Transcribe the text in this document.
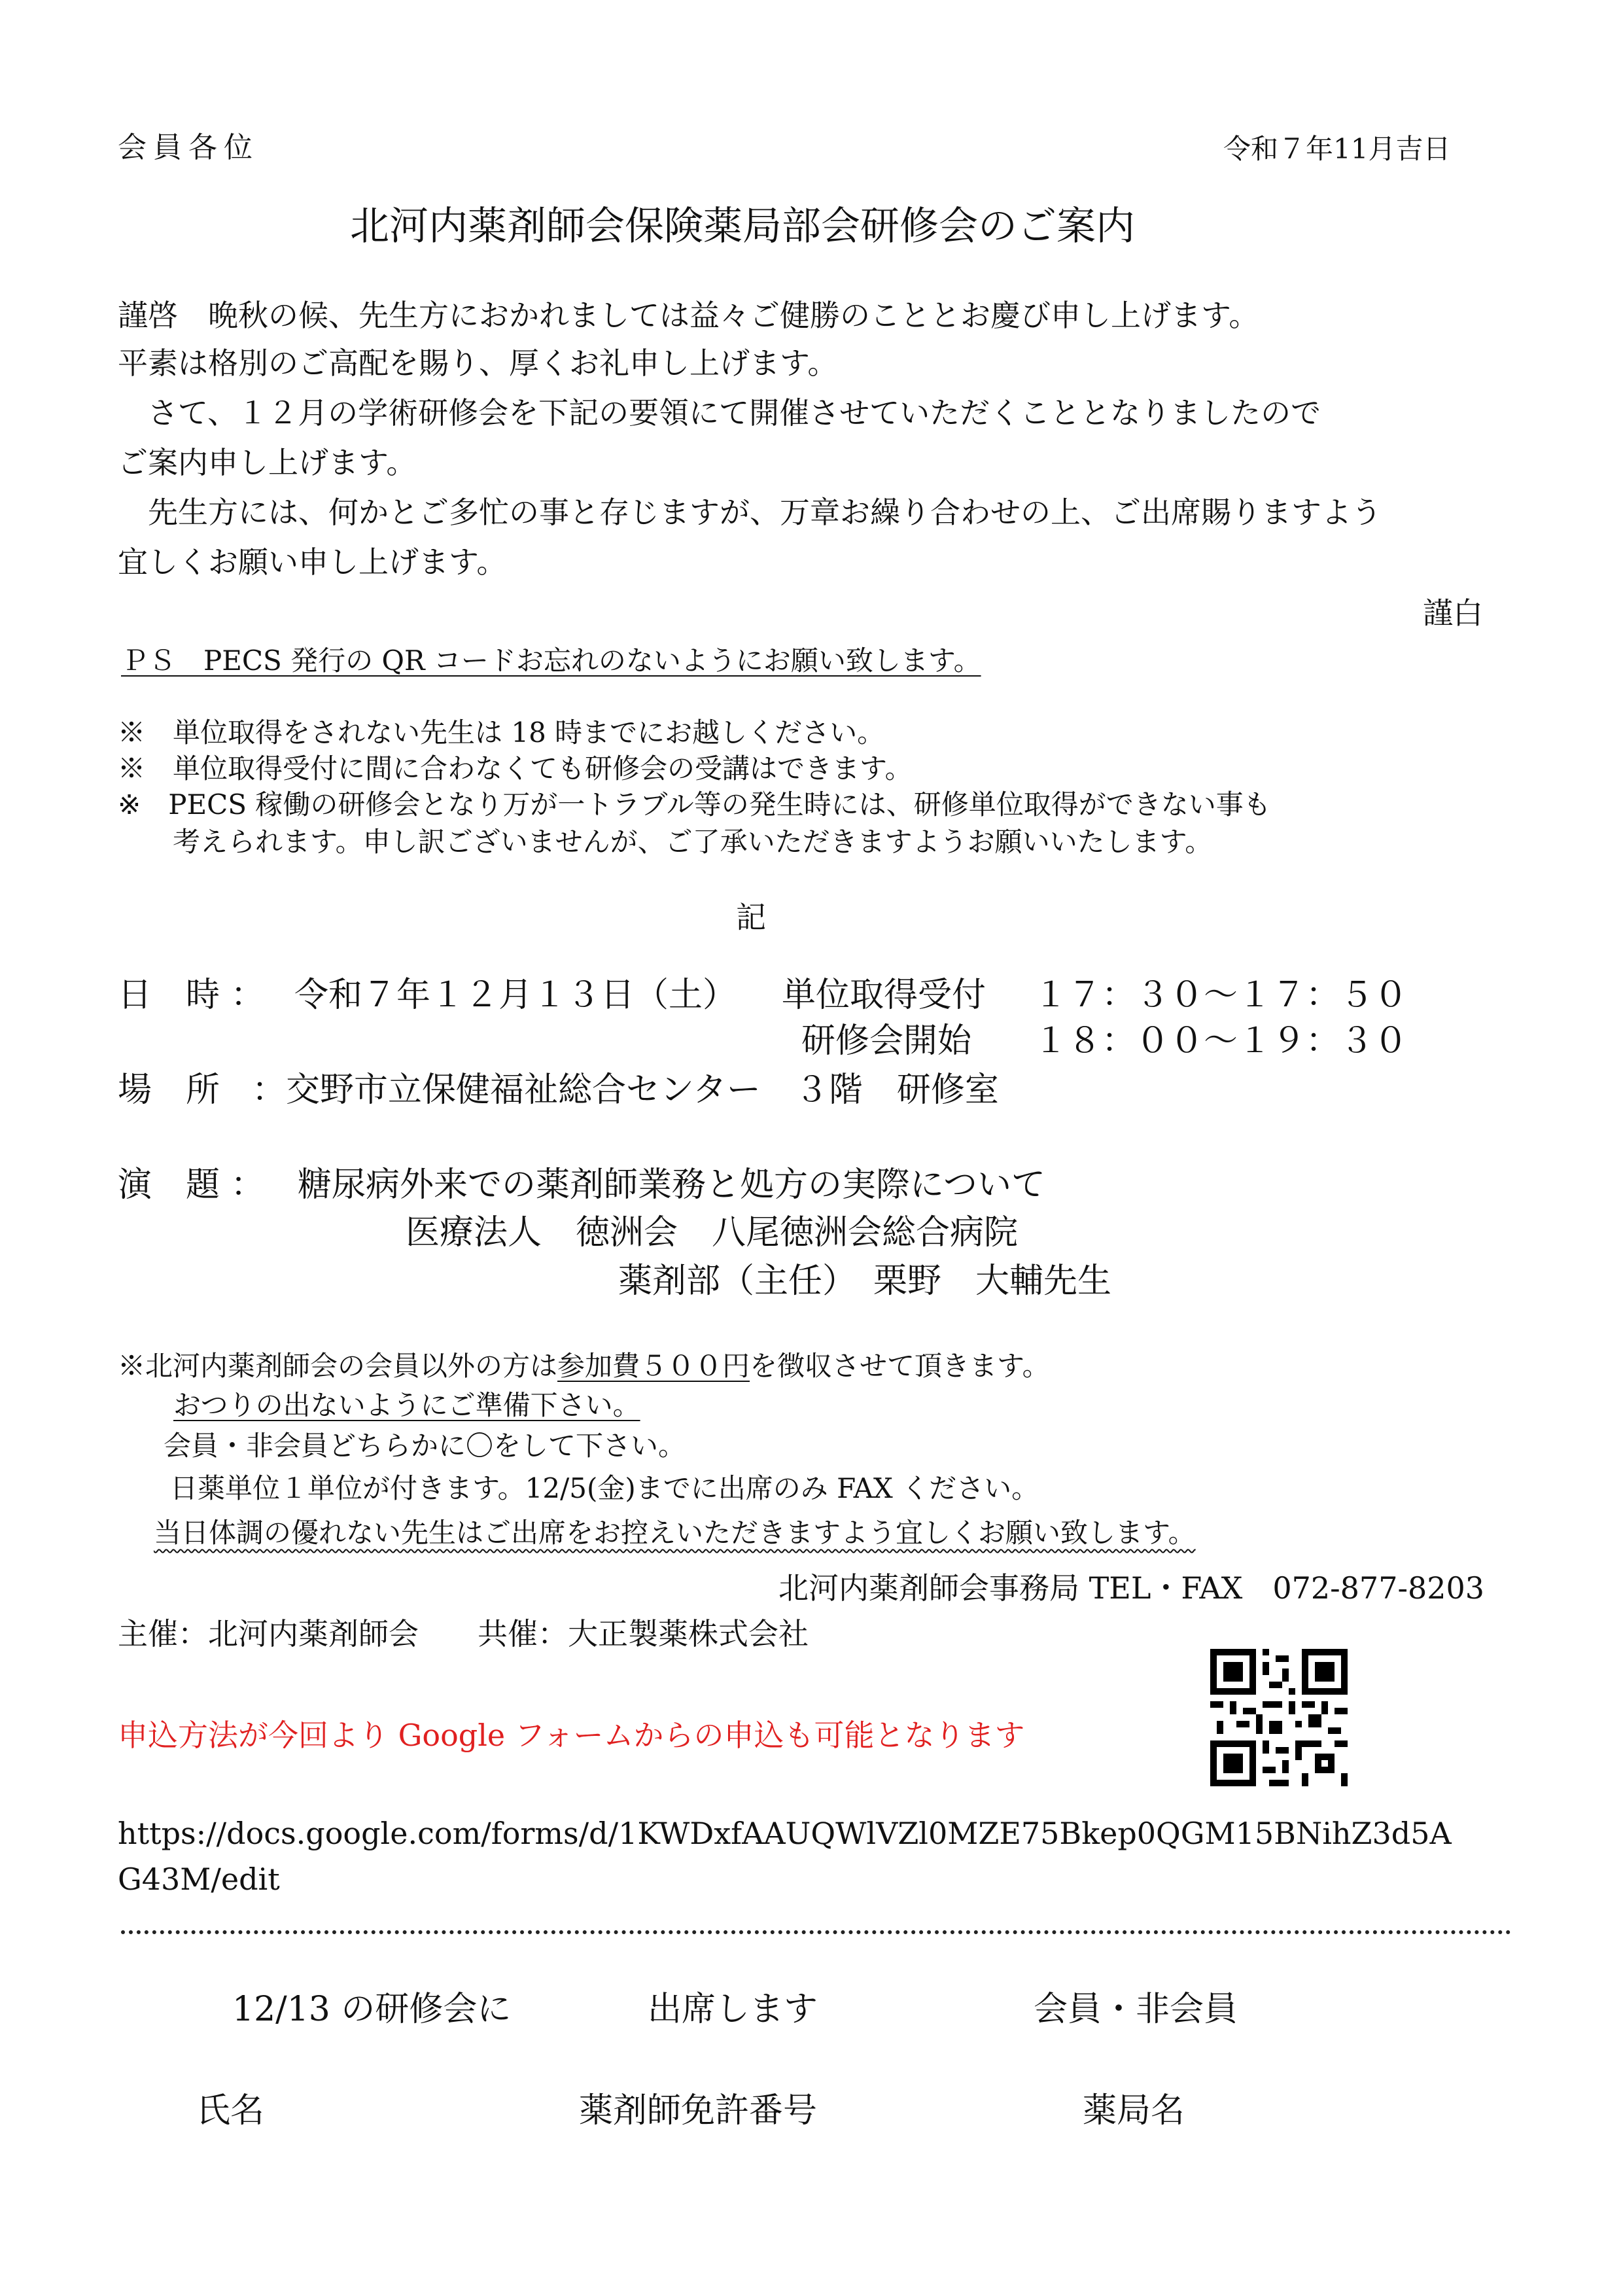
会員各位	令和７年11月吉日
北河内薬剤師会保険薬局部会研修会のご案内
謹啓　晩秋の候、先生方におかれましては益々ご健勝のこととお慶び申し上げます。
平素は格別のご高配を賜り、厚くお礼申し上げます。
　さて、１２月の学術研修会を下記の要領にて開催させていただくこととなりましたので
ご案内申し上げます。
　先生方には、何かとご多忙の事と存じますが、万章お繰り合わせの上、ご出席賜りますよう
宜しくお願い申し上げます。
謹白
ＰＳ　PECS 発行の QR コードお忘れのないようにお願い致します。
※　単位取得をされない先生は 18 時までにお越しください。
※　単位取得受付に間に合わなくても研修会の受講はできます。
※　PECS 稼働の研修会となり万が一トラブル等の発生時には、研修単位取得ができない事も
　　考えられます。申し訳ございませんが、ご了承いただきますようお願いいたします。
記
日　時 ： 令和７年１２月１３日（土） 単位取得受付 １７：３０〜１７：５０
研修会開始 １８：００〜１９：３０
場　所 ：交野市立保健福祉総合センター　３階　研修室
演　題 ： 糖尿病外来での薬剤師業務と処方の実際について
医療法人　徳洲会　八尾徳洲会総合病院
薬剤部（主任）　栗野　大輔先生
※北河内薬剤師会の会員以外の方は参加費５００円を徴収させて頂きます。
おつりの出ないようにご準備下さい。
会員・非会員どちらかに〇をして下さい。
日薬単位１単位が付きます。12/5(金)までに出席のみ FAX ください。
当日体調の優れない先生はご出席をお控えいただきますよう宜しくお願い致します。
北河内薬剤師会事務局 TEL・FAX　072-877-8203
主催：北河内薬剤師会 共催：大正製薬株式会社
申込方法が今回より Google フォームからの申込も可能となります
https://docs.google.com/forms/d/1KWDxfAAUQWlVZl0MZE75Bkep0QGM15BNihZ3d5A
G43M/edit
12/13 の研修会に	出席します	会員・非会員
氏名	薬剤師免許番号	薬局名
